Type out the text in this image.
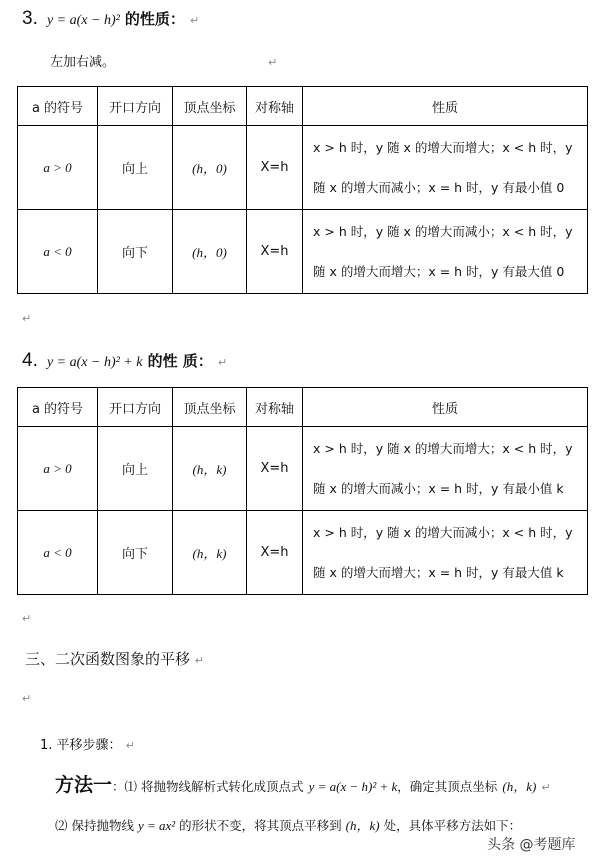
3. y = a(x − h)² 的性质： ↵
左加右减。	↵
a 的符号	开口方向	顶点坐标	对称轴	性质
a > 0	向上	(h，0)	X=h	x > h 时，y 随 x 的增大而增大；x < h 时，y
随 x 的增大而减小；x = h 时，y 有最小值 0

a < 0	向下	(h，0)	X=h	x > h 时，y 随 x 的增大而减小；x < h 时，y
随 x 的增大而增大；x = h 时，y 有最大值 0
↵
4. y = a(x − h)² + k 的性 质： ↵
a 的符号	开口方向	顶点坐标	对称轴	性质
a > 0	向上	(h，k)	X=h	x > h 时，y 随 x 的增大而增大；x < h 时，y
随 x 的增大而减小；x = h 时，y 有最小值 k

a < 0	向下	(h，k)	X=h	x > h 时，y 随 x 的增大而减小；x < h 时，y
随 x 的增大而增大；x = h 时，y 有最大值 k
↵
三、二次函数图象的平移 ↵
↵
1. 平移步骤： ↵
方法一：⑴ 将抛物线解析式转化成顶点式 y = a(x − h)² + k，确定其顶点坐标 (h，k) ↵
⑵ 保持抛物线 y = ax² 的形状不变，将其顶点平移到 (h，k) 处，具体平移方法如下：
头条 @考题库
